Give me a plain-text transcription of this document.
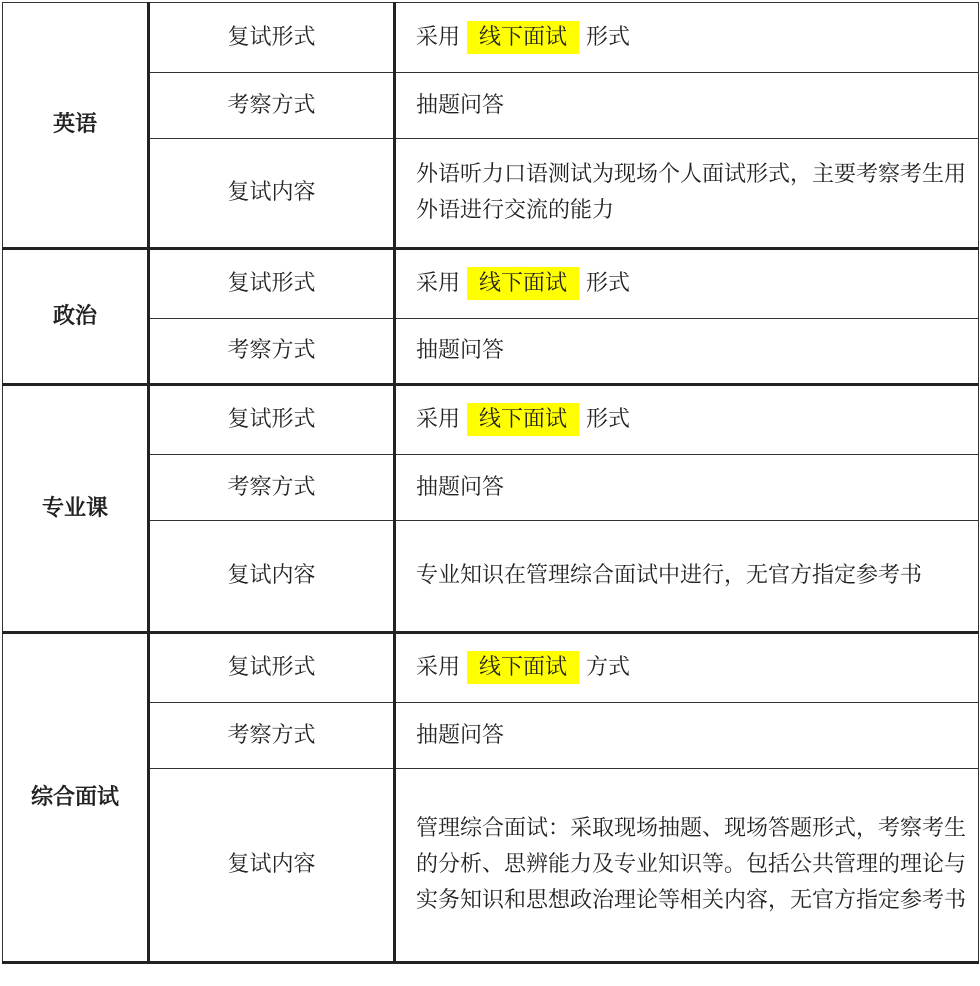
英语	复试形式	采用 线下面试 形式
	考察方式	抽题问答
	复试内容	外语听力口语测试为现场个人面试形式，主要考察考生用外语进行交流的能力
政治	复试形式	采用 线下面试 形式
	考察方式	抽题问答
专业课	复试形式	采用 线下面试 形式
	考察方式	抽题问答
	复试内容	专业知识在管理综合面试中进行，无官方指定参考书
综合面试	复试形式	采用 线下面试 方式
	考察方式	抽题问答
	复试内容	管理综合面试：采取现场抽题、现场答题形式，考察考生的分析、思辨能力及专业知识等。包括公共管理的理论与实务知识和思想政治理论等相关内容，无官方指定参考书
